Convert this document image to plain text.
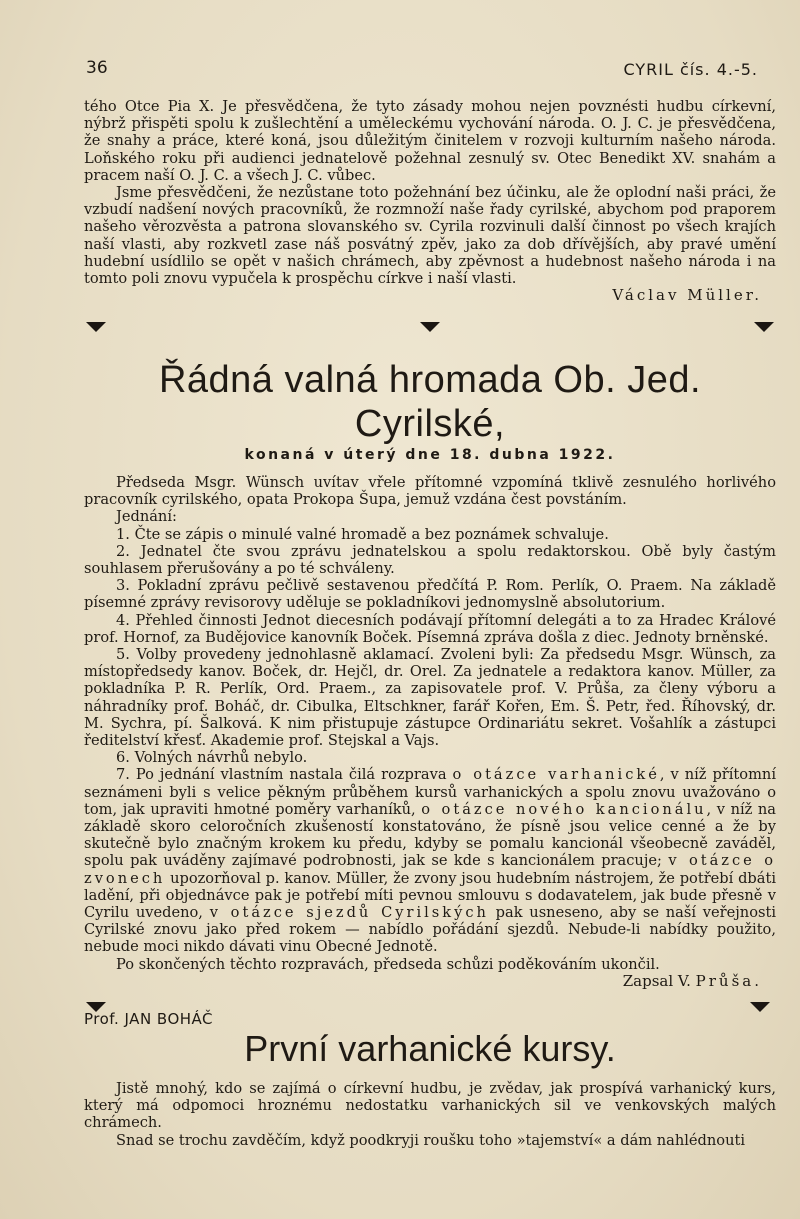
36	CYRIL čís. 4.-5.

tého Otce Pia X. Je přesvědčena, že tyto zásady mohou nejen povznésti hudbu církevní, nýbrž přispěti spolu k zušlechtění a uměleckému vychování národa. O. J. C. je přesvědčena, že snahy a práce, které koná, jsou důležitým činitelem v rozvoji kulturním našeho národa. Loňského roku při audienci jednatelově požehnal zesnulý sv. Otec Benedikt XV. snahám a pracem naší O. J. C. a všech J. C. vůbec.

Jsme přesvědčeni, že nezůstane toto požehnání bez účinku, ale že oplodní naši práci, že vzbudí nadšení nových pracovníků, že rozmnoží naše řady cyrilské, abychom pod praporem našeho věrozvěsta a patrona slovanského sv. Cyrila rozvinuli další činnost po všech krajích naší vlasti, aby rozkvetl zase náš posvátný zpěv, jako za dob dřívějších, aby pravé umění hudební usídlilo se opět v našich chrámech, aby zpěvnost a hudebnost našeho národa i na tomto poli znovu vypučela k prospěchu církve i naší vlasti.

Václav Müller.
Řádná valná hromada Ob. Jed. Cyrilské,
konaná v úterý dne 18. dubna 1922.

Předseda Msgr. Wünsch uvítav vřele přítomné vzpomíná tklivě zesnulého horlivého pracovník cyrilského, opata Prokopa Šupa, jemuž vzdána čest povstáním.

Jednání:

1. Čte se zápis o minulé valné hromadě a bez poznámek schvaluje.

2. Jednatel čte svou zprávu jednatelskou a spolu redaktorskou. Obě byly častým souhlasem přerušovány a po té schváleny.

3. Pokladní zprávu pečlivě sestavenou předčítá P. Rom. Perlík, O. Praem. Na základě písemné zprávy revisorovy uděluje se pokladníkovi jednomyslně absolutorium.

4. Přehled činnosti Jednot diecesních podávají přítomní delegáti a to za Hradec Králové prof. Hornof, za Budějovice kanovník Boček. Písemná zpráva došla z diec. Jednoty brněnské.

5. Volby provedeny jednohlasně aklamací. Zvoleni byli: Za předsedu Msgr. Wünsch, za místopředsedy kanov. Boček, dr. Hejčl, dr. Orel. Za jednatele a redaktora kanov. Müller, za pokladníka P. R. Perlík, Ord. Praem., za zapisovatele prof. V. Průša, za členy výboru a náhradníky prof. Boháč, dr. Cibulka, Eltschkner, farář Kořen, Em. Š. Petr, řed. Říhovský, dr. M. Sychra, pí. Šalková. K nim přistupuje zástupce Ordinariátu sekret. Vošahlík a zástupci ředitelství křesť. Akademie prof. Stejskal a Vajs.

6. Volných návrhů nebylo.

7. Po jednání vlastním nastala čilá rozprava o otázce varhanické, v níž přítomní seznámeni byli s velice pěkným průběhem kursů varhanických a spolu znovu uvažováno o tom, jak upraviti hmotné poměry varhaníků, o otázce nového kancionálu, v níž na základě skoro celoročních zkušeností konstatováno, že písně jsou velice cenné a že by skutečně bylo značným krokem ku předu, kdyby se pomalu kancionál všeobecně zaváděl, spolu pak uváděny zajímavé podrobnosti, jak se kde s kancionálem pracuje; v otázce o zvonech upozorňoval p. kanov. Müller, že zvony jsou hudebním nástrojem, že potřebí dbáti ladění, při objednávce pak je potřebí míti pevnou smlouvu s dodavatelem, jak bude přesně v Cyrilu uvedeno, v otázce sjezdů Cyrilských pak usneseno, aby se naší veřejnosti Cyrilské znovu jako před rokem — nabídlo pořádání sjezdů. Nebude-li nabídky použito, nebude moci nikdo dávati vinu Obecné Jednotě.

Po skončených těchto rozpravách, předseda schůzi poděkováním ukončil.

Zapsal V. Průša.
Prof. JAN BOHÁČ
První varhanické kursy.

Jistě mnohý, kdo se zajímá o církevní hudbu, je zvědav, jak prospívá varhanický kurs, který má odpomoci hroznému nedostatku varhanických sil ve venkovských malých chrámech.

Snad se trochu zavděčím, když poodkryji roušku toho »tajemství« a dám nahlédnouti
